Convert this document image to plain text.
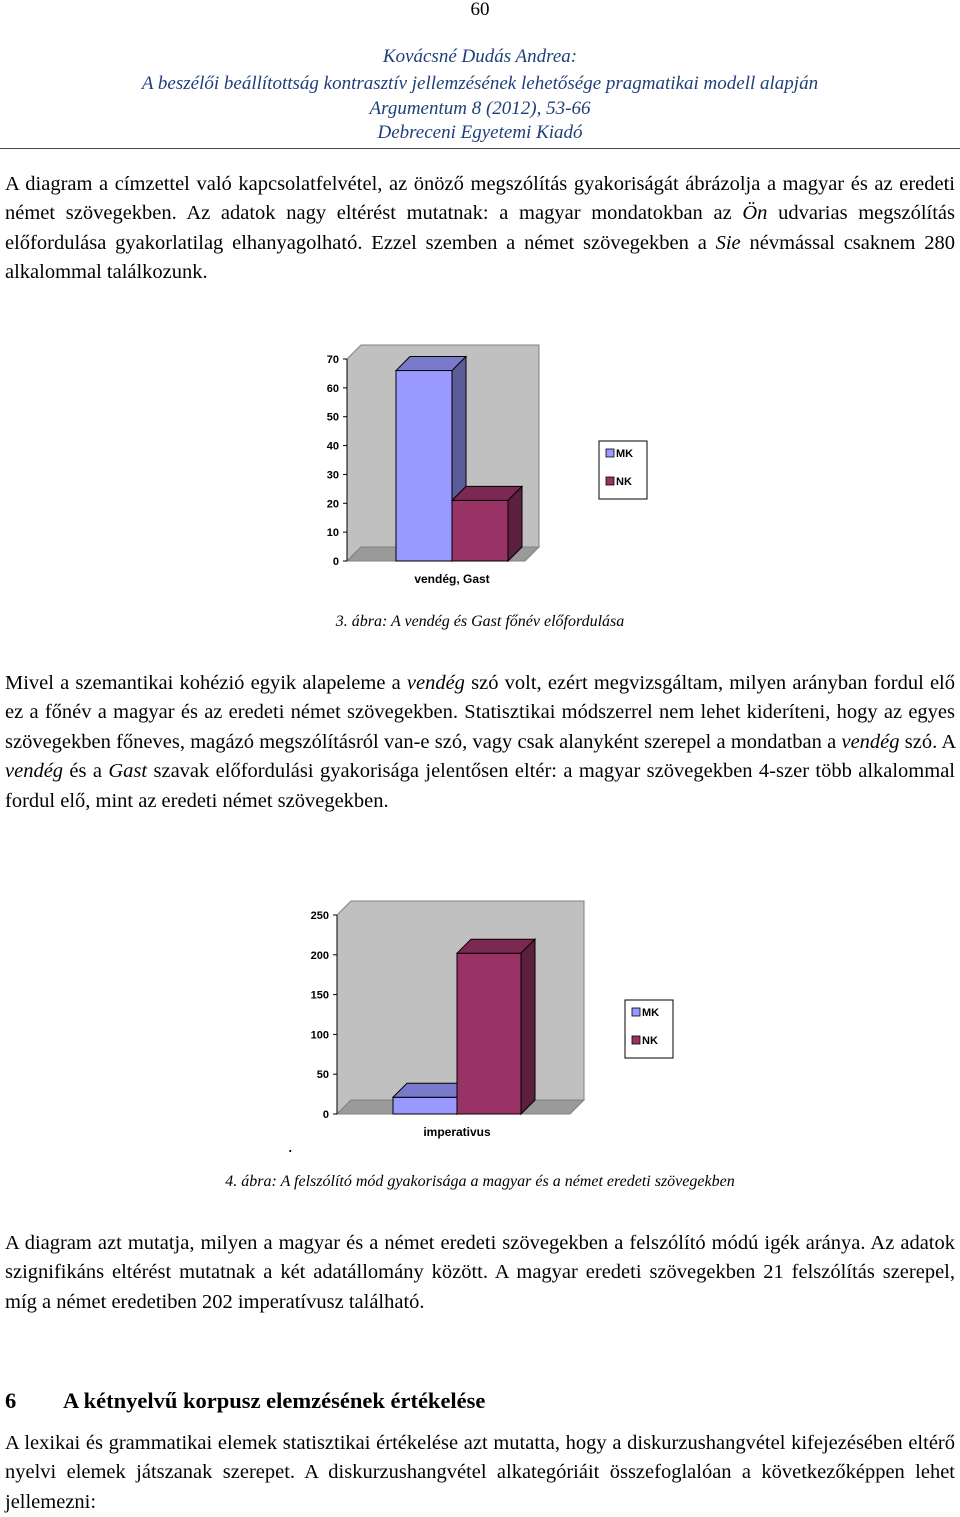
60
Kovácsné Dudás Andrea:
A beszélői beállítottság kontrasztív jellemzésének lehetősége pragmatikai modell alapján
Argumentum 8 (2012), 53-66
Debreceni Egyetemi Kiadó

A diagram a címzettel való kapcsolatfelvétel, az önöző megszólítás gyakoriságát ábrázolja a magyar és az eredeti német szövegekben. Az adatok nagy eltérést mutatnak: a magyar mondatokban az Ön udvarias megszólítás előfordulása gyakorlatilag elhanyagolható. Ezzel szemben a német szövegekben a Sie névmással csaknem 280 alkalommal találkozunk.

0
10
20
30
40
50
60
70
vendég, Gast
MK
NK
3. ábra: A vendég és Gast főnév előfordulása

Mivel a szemantikai kohézió egyik alapeleme a vendég szó volt, ezért megvizsgáltam, milyen arányban fordul elő ez a főnév a magyar és az eredeti német szövegekben. Statisztikai módszerrel nem lehet kideríteni, hogy az egyes szövegekben főneves, magázó megszólításról van-e szó, vagy csak alanyként szerepel a mondatban a vendég szó. A vendég és a Gast szavak előfordulási gyakorisága jelentősen eltér: a magyar szövegekben 4-szer több alkalommal fordul elő, mint az eredeti német szövegekben.

0
50
100
150
200
250
imperativus
MK
NK
.
4. ábra: A felszólító mód gyakorisága a magyar és a német eredeti szövegekben
A diagram azt mutatja, milyen a magyar és a német eredeti szövegekben a felszólító módú igék aránya. Az adatok szignifikáns eltérést mutatnak a két adatállomány között. A magyar eredeti szövegekben 21 felszólítás szerepel, míg a német eredetiben 202 imperatívusz található.
6 A kétnyelvű korpusz elemzésének értékelése
A lexikai és grammatikai elemek statisztikai értékelése azt mutatta, hogy a diskurzushangvétel kifejezésében eltérő nyelvi elemek játszanak szerepet. A diskurzushangvétel alkategóriáit összefoglalóan a következőképpen lehet jellemezni:
